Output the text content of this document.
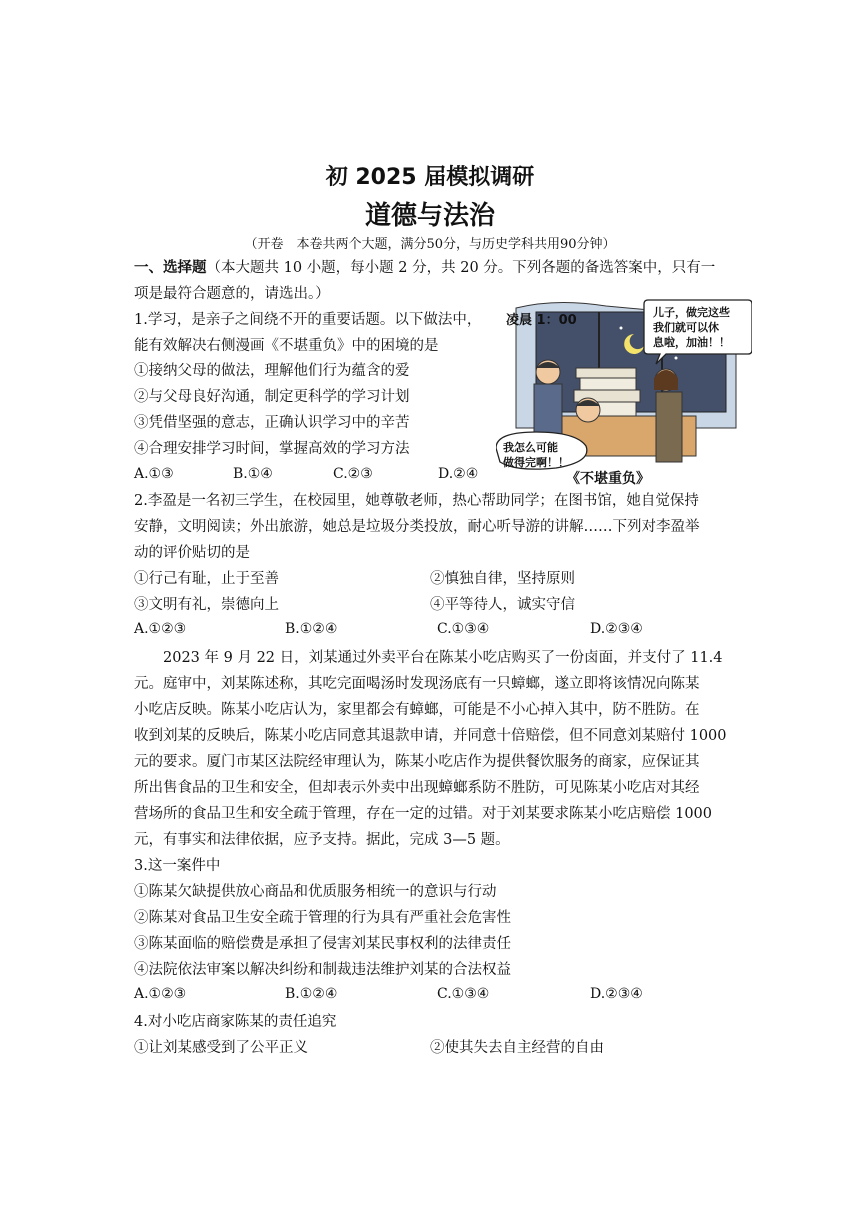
初 2025 届模拟调研
道德与法治
（开卷　本卷共两个大题，满分50分，与历史学科共用90分钟）
一、选择题（本大题共 10 小题，每小题 2 分，共 20 分。下列各题的备选答案中，只有一
项是最符合题意的，请选出。）
1.学习，是亲子之间绕不开的重要话题。以下做法中，
能有效解决右侧漫画《不堪重负》中的困境的是
①接纳父母的做法，理解他们行为蕴含的爱
②与父母良好沟通，制定更科学的学习计划
③凭借坚强的意志，正确认识学习中的辛苦
④合理安排学习时间，掌握高效的学习方法
A.①③	B.①④	C.②③	D.②④
凌晨 1：00
儿子，做完这些
我们就可以休
息啦，加油！！
我怎么可能
做得完啊！！
《不堪重负》
2.李盈是一名初三学生，在校园里，她尊敬老师，热心帮助同学；在图书馆，她自觉保持
安静，文明阅读；外出旅游，她总是垃圾分类投放，耐心听导游的讲解……下列对李盈举
动的评价贴切的是
①行己有耻，止于至善	②慎独自律，坚持原则
③文明有礼，崇德向上	④平等待人，诚实守信
A.①②③	B.①②④	C.①③④	D.②③④
2023 年 9 月 22 日，刘某通过外卖平台在陈某小吃店购买了一份卤面，并支付了 11.4
元。庭审中，刘某陈述称，其吃完面喝汤时发现汤底有一只蟑螂，遂立即将该情况向陈某
小吃店反映。陈某小吃店认为，家里都会有蟑螂，可能是不小心掉入其中，防不胜防。在
收到刘某的反映后，陈某小吃店同意其退款申请，并同意十倍赔偿，但不同意刘某赔付 1000
元的要求。厦门市某区法院经审理认为，陈某小吃店作为提供餐饮服务的商家，应保证其
所出售食品的卫生和安全，但却表示外卖中出现蟑螂系防不胜防，可见陈某小吃店对其经
营场所的食品卫生和安全疏于管理，存在一定的过错。对于刘某要求陈某小吃店赔偿 1000
元，有事实和法律依据，应予支持。据此，完成 3—5 题。
3.这一案件中
①陈某欠缺提供放心商品和优质服务相统一的意识与行动
②陈某对食品卫生安全疏于管理的行为具有严重社会危害性
③陈某面临的赔偿费是承担了侵害刘某民事权利的法律责任
④法院依法审案以解决纠纷和制裁违法维护刘某的合法权益
A.①②③	B.①②④	C.①③④	D.②③④
4.对小吃店商家陈某的责任追究
①让刘某感受到了公平正义	②使其失去自主经营的自由
